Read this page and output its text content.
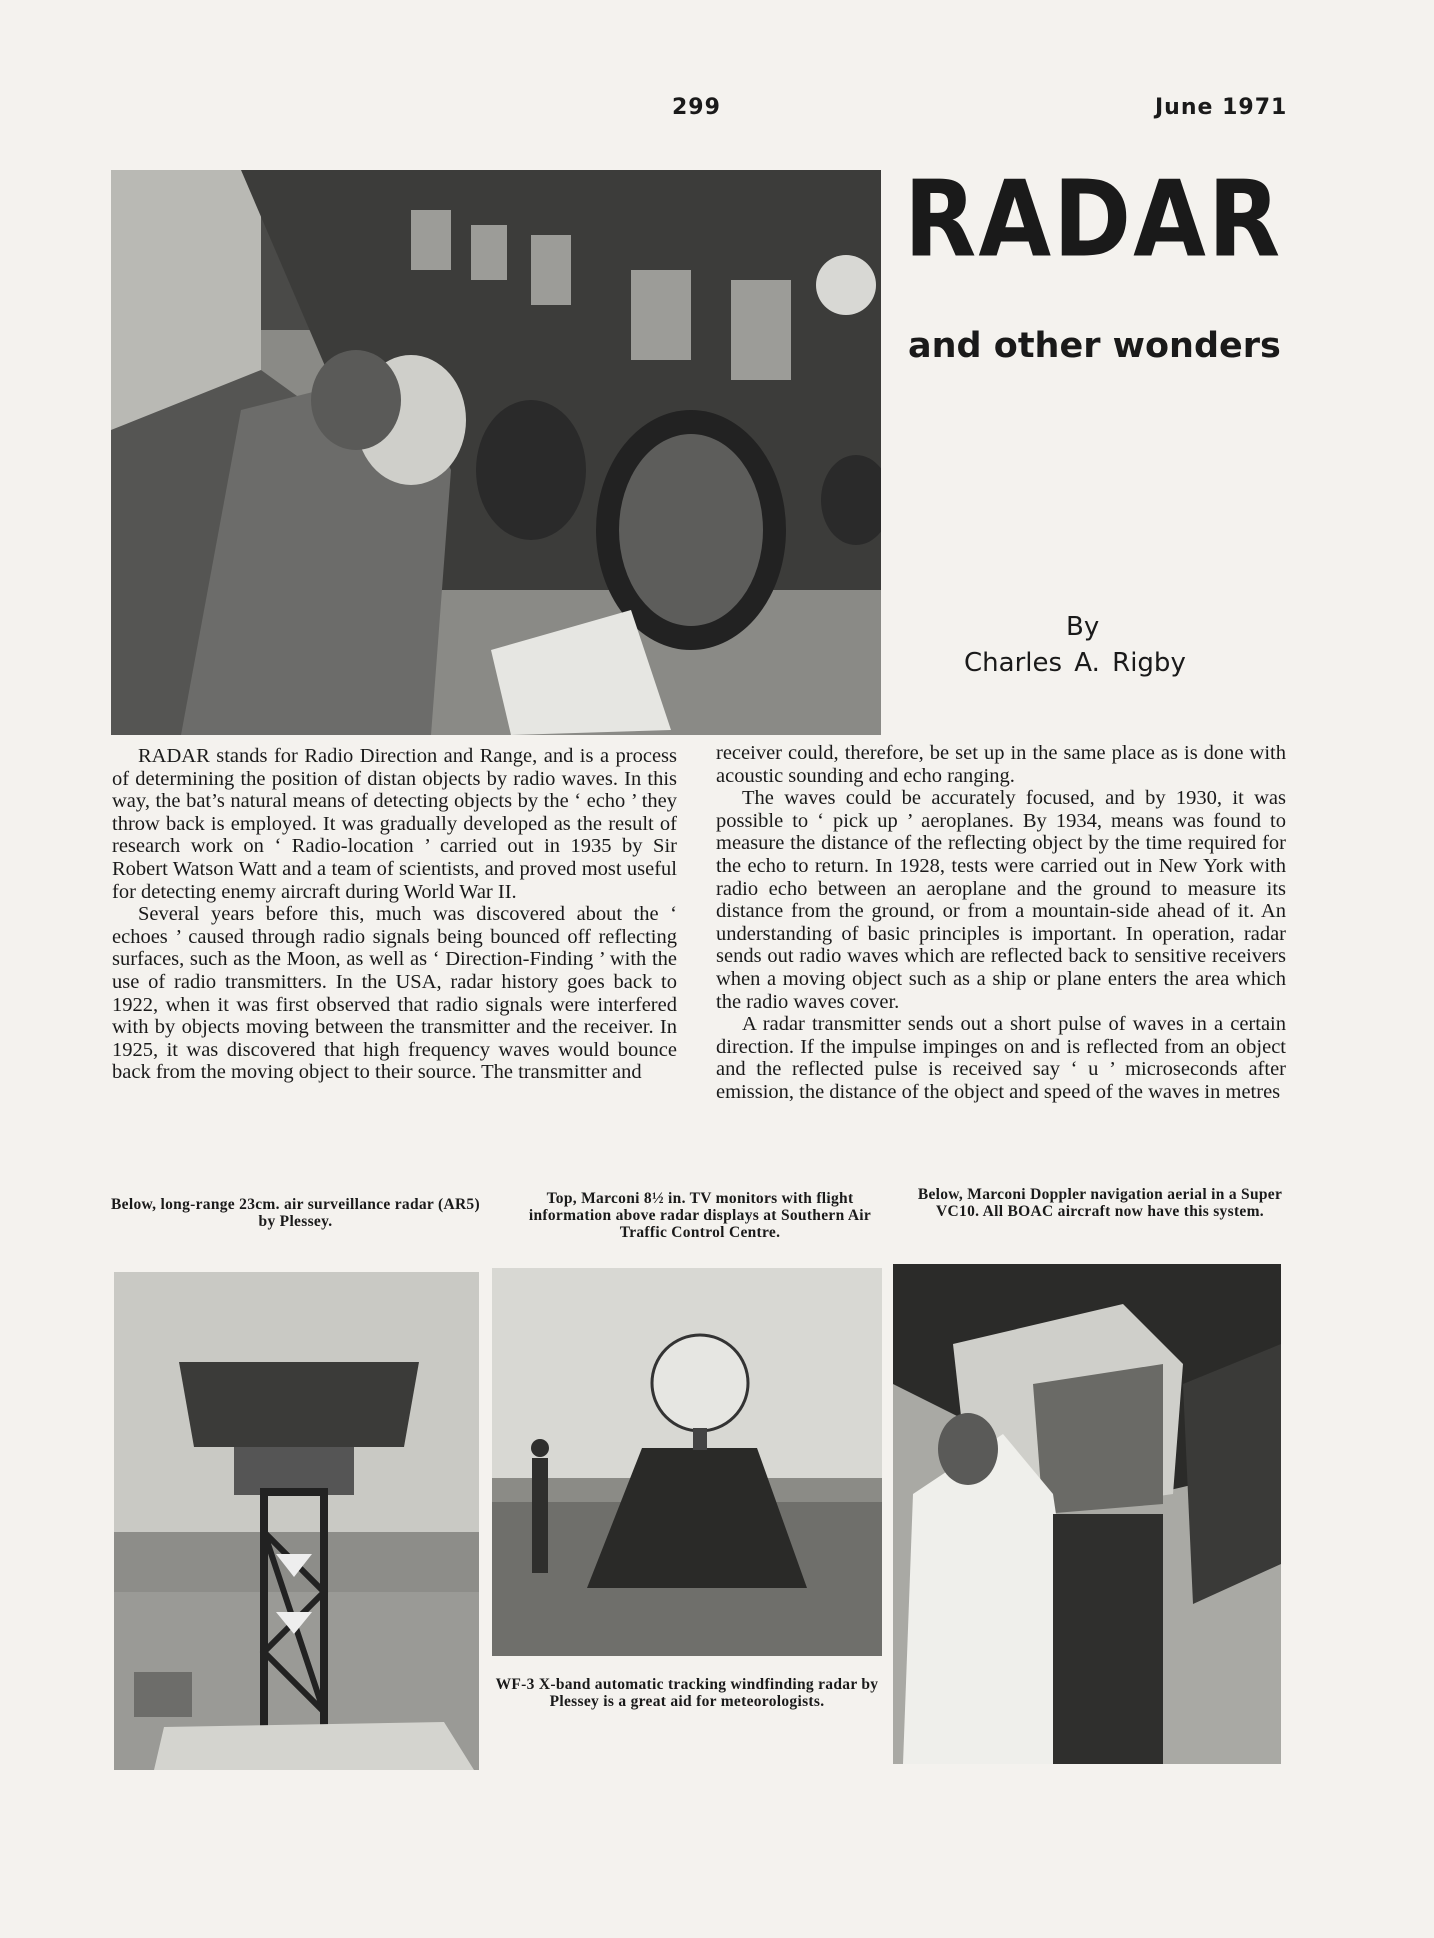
299	June 1971
RADAR
and other wonders
By
Charles A. Rigby

RADAR stands for Radio Direction and Range, and is a process of determining the position of distan objects by radio waves. In this way, the bat’s natural means of detecting objects by the ‘ echo ’ they throw back is employed. It was gradually developed as the result of research work on ‘ Radio-location ’ carried out in 1935 by Sir Robert Watson Watt and a team of scientists, and proved most useful for detecting enemy aircraft during World War II.

Several years before this, much was discovered about the ‘ echoes ’ caused through radio signals being bounced off reflecting surfaces, such as the Moon, as well as ‘ Direction-Finding ’ with the use of radio transmitters. In the USA, radar history goes back to 1922, when it was first observed that radio signals were interfered with by objects moving between the transmitter and the receiver. In 1925, it was discovered that high frequency waves would bounce back from the moving object to their source. The transmitter and

receiver could, therefore, be set up in the same place as is done with acoustic sounding and echo ranging.

The waves could be accurately focused, and by 1930, it was possible to ‘ pick up ’ aeroplanes. By 1934, means was found to measure the distance of the reflecting object by the time required for the echo to return. In 1928, tests were carried out in New York with radio echo between an aeroplane and the ground to measure its distance from the ground, or from a mountain-side ahead of it. An understanding of basic principles is important. In operation, radar sends out radio waves which are reflected back to sensitive receivers when a moving object such as a ship or plane enters the area which the radio waves cover.

A radar transmitter sends out a short pulse of waves in a certain direction. If the impulse impinges on and is reflected from an object and the reflected pulse is received say ‘ u ’ microseconds after emission, the distance of the object and speed of the waves in metres

Below, long-range 23cm. air surveillance radar (AR5) by Plessey.
Top, Marconi 8½ in. TV monitors with flight information above radar displays at Southern Air Traffic Control Centre.
Below, Marconi Doppler navigation aerial in a Super VC10. All BOAC aircraft now have this system.
WF-3 X-band automatic tracking windfinding radar by Plessey is a great aid for meteorologists.
